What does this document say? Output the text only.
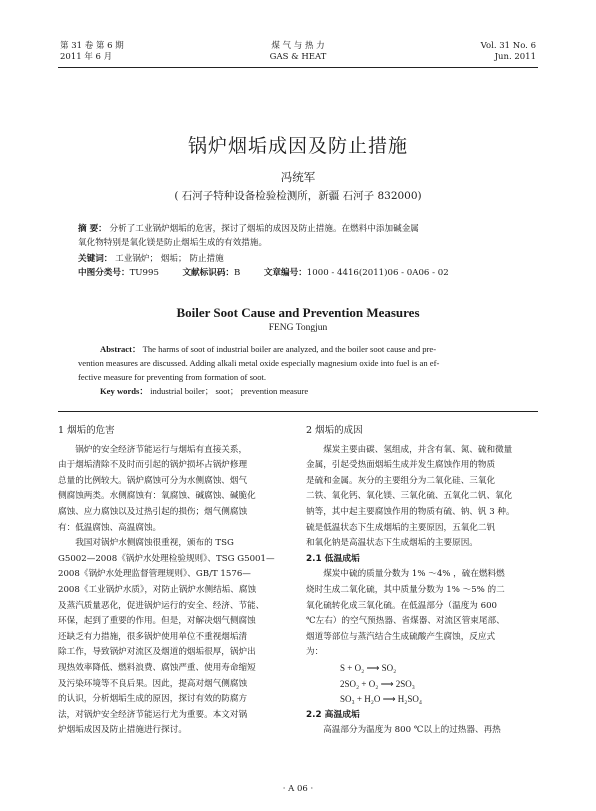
第 31 卷 第 6 期
2011 年 6 月
煤 气 与 热 力
GAS & HEAT
Vol. 31 No. 6
Jun. 2011
锅炉烟垢成因及防止措施
冯统军
( 石河子特种设备检验检测所，新疆 石河子 832000)
摘 要： 分析了工业锅炉烟垢的危害，探讨了烟垢的成因及防止措施。在燃料中添加碱金属
氧化物特别是氧化镁是防止烟垢生成的有效措施。
关键词： 工业锅炉； 烟垢； 防止措施
中图分类号：TU995	文献标识码：B	文章编号：1000 - 4416(2011)06 - 0A06 - 02
Boiler Soot Cause and Prevention Measures
FENG Tongjun
Abstract： The harms of soot of industrial boiler are analyzed, and the boiler soot cause and pre-
vention measures are discussed. Adding alkali metal oxide especially magnesium oxide into fuel is an ef-
fective measure for preventing from formation of soot.
Key words： industrial boiler； soot； prevention measure
1 烟垢的危害
锅炉的安全经济节能运行与烟垢有直接关系，
由于烟垢清除不及时而引起的锅炉损坏占锅炉修理
总量的比例较大。锅炉腐蚀可分为水侧腐蚀、烟气
侧腐蚀两类。水侧腐蚀有：氧腐蚀、碱腐蚀、碱脆化
腐蚀、应力腐蚀以及过热引起的损伤；烟气侧腐蚀
有：低温腐蚀、高温腐蚀。
我国对锅炉水侧腐蚀很重视，颁布的 TSG
G5002—2008《锅炉水处理检验规则》、TSG G5001—
2008《锅炉水处理监督管理规则》、GB/T 1576—
2008《工业锅炉水质》，对防止锅炉水侧结垢、腐蚀
及蒸汽质量恶化，促进锅炉运行的安全、经济、节能、
环保，起到了重要的作用。但是，对解决烟气侧腐蚀
还缺乏有力措施，很多锅炉使用单位不重视烟垢清
除工作，导致锅炉对流区及烟道的烟垢很厚，锅炉出
现热效率降低、燃料浪费、腐蚀严重、使用寿命缩短
及污染环境等不良后果。因此，提高对烟气侧腐蚀
的认识，分析烟垢生成的原因，探讨有效的防腐方
法，对锅炉安全经济节能运行尤为重要。本文对锅
炉烟垢成因及防止措施进行探讨。
2 烟垢的成因
煤炭主要由碳、氢组成，并含有氧、氮、硫和微量
金属，引起受热面烟垢生成并发生腐蚀作用的物质
是硫和金属。灰分的主要组分为二氧化硅、三氧化
二铁、氧化钙、氧化镁、三氧化硫、五氧化二钒、氧化
钠等，其中起主要腐蚀作用的物质有硫、钠、钒 3 种。
硫是低温状态下生成烟垢的主要原因，五氧化二钒
和氧化钠是高温状态下生成烟垢的主要原因。
2.1 低温成垢
煤炭中硫的质量分数为 1% ～4% ，硫在燃料燃
烧时生成二氧化硫，其中质量分数为 1% ～5% 的二
氧化硫转化成三氧化硫。在低温部分（温度为 600
℃左右）的空气预热器、省煤器、对流区管束尾部、
烟道等部位与蒸汽结合生成硫酸产生腐蚀，反应式
为：
S + O₂ ⟶ SO₂
2SO₂ + O₂ ⟶ 2SO₃
SO₃ + H₂O ⟶ H₂SO₄
2.2 高温成垢
高温部分为温度为 800 ℃以上的过热器、再热
· A 06 ·
